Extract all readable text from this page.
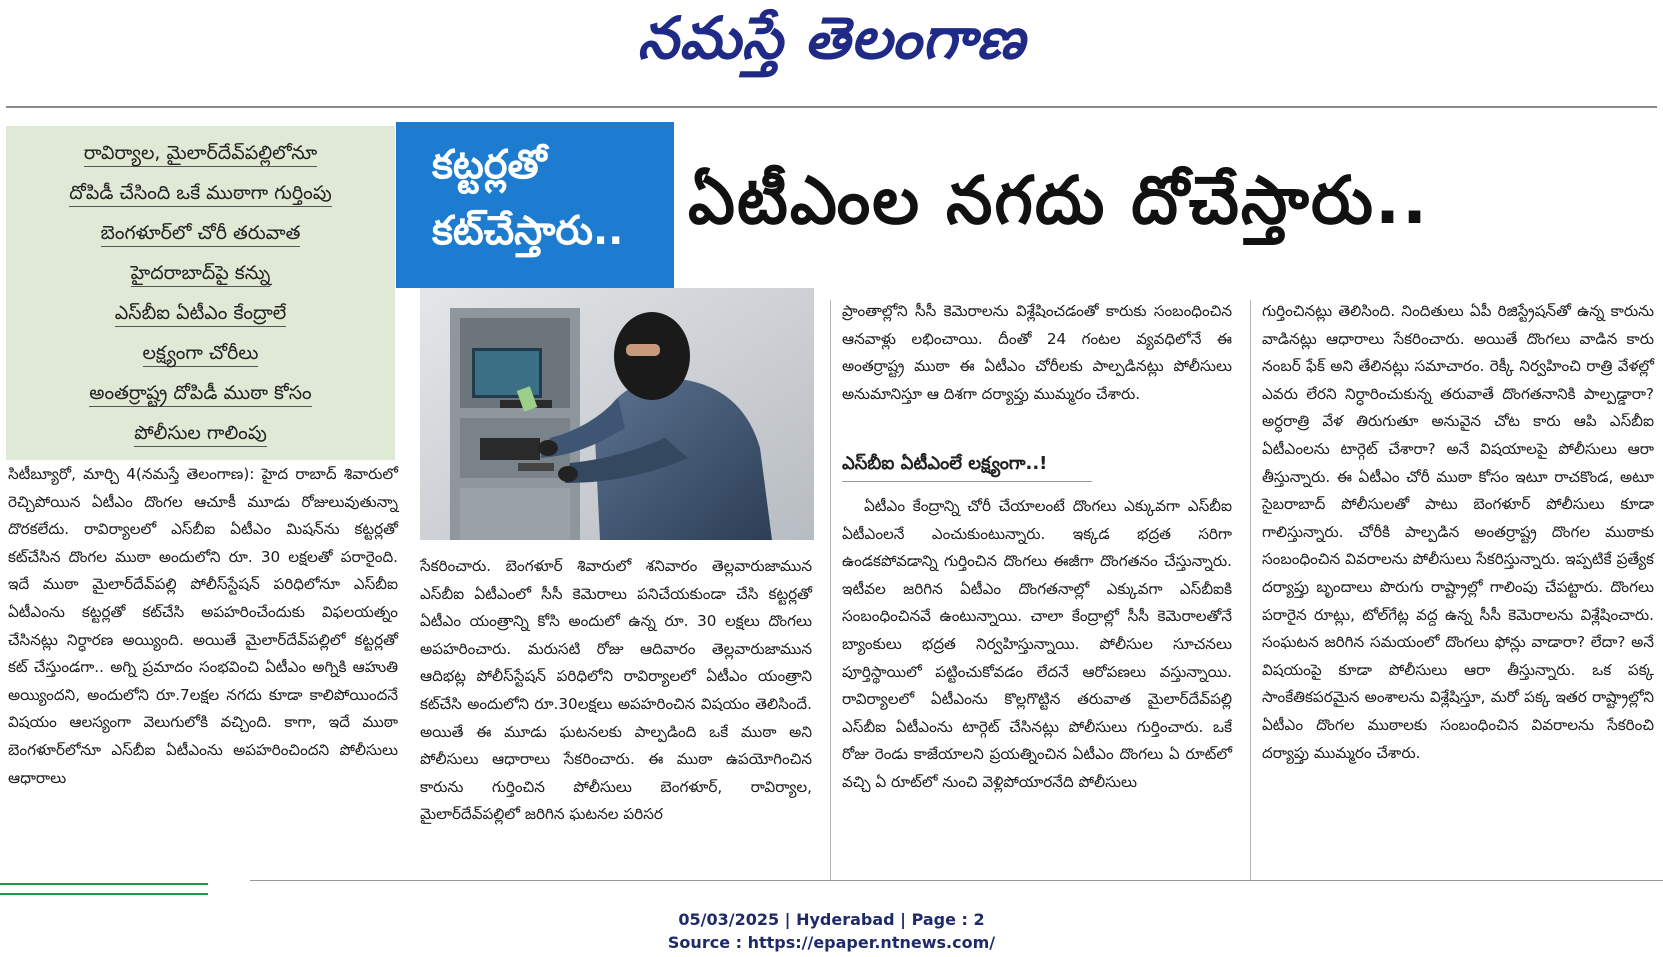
నమస్తే తెలంగాణ
రావిర్యాల, మైలార్‌దేవ్‌పల్లిలోనూ
దోపిడీ చేసింది ఒకే ముఠాగా గుర్తింపు
బెంగళూర్‌లో చోరీ తరువాత
హైదరాబాద్‌పై కన్ను
ఎస్‌బీఐ ఏటీఎం కేంద్రాలే
లక్ష్యంగా చోరీలు
అంతర్రాష్ట్ర దోపిడీ ముఠా కోసం
పోలీసుల గాలింపు
కట్టర్లతో
కట్‌చేస్తారు.. ఏటీఎంల నగదు దోచేస్తారు..

సిటీబ్యూరో, మార్చి 4(నమస్తే తెలంగాణ): హైద రాబాద్ శివారులో రెచ్చిపోయిన ఏటీఎం దొంగల ఆచూకీ మూడు రోజులువుతున్నా దొరకలేదు. రావిర్యాలలో ఎస్‌బీఐ ఏటీఎం మిషన్‌ను కట్టర్లతో కట్‌చేసిన దొంగల ముఠా అందులోని రూ. 30 లక్షలతో పరారైంది. ఇదే ముఠా మైలార్‌దేవ్‌పల్లి పోలీస్‌స్టేషన్ పరిధిలోనూ ఎస్‌బీఐ ఏటీఎంను కట్టర్లతో కట్‌చేసి అపహరించేందుకు విఫలయత్నం చేసినట్లు నిర్ధారణ అయ్యింది. అయితే మైలార్‌దేవ్‌పల్లిలో కట్టర్లతో కట్ చేస్తుండగా.. అగ్ని ప్రమాదం సంభవించి ఏటీఎం అగ్నికి ఆహుతి అయ్యిందని, అందులోని రూ.7లక్షల నగదు కూడా కాలిపోయిందనే విషయం ఆలస్యంగా వెలుగులోకి వచ్చింది. కాగా, ఇదే ముఠా బెంగళూర్‌లోనూ ఎస్‌బీఐ ఏటీఎంను అపహరించిందని పోలీసులు ఆధారాలు

సేకరించారు. బెంగళూర్ శివారులో శనివారం తెల్లవారుజామున ఎస్‌బీఐ ఏటీఎంలో సీసీ కెమెరాలు పనిచేయకుండా చేసి కట్టర్లతో ఏటీఎం యంత్రాన్ని కోసి అందులో ఉన్న రూ. 30 లక్షలు దొంగలు అపహరించారు. మరుసటి రోజు ఆదివారం తెల్లవారుజామున ఆదిభట్ల పోలీస్‌స్టేషన్ పరిధిలోని రావిర్యాలలో ఏటీఎం యంత్రాని కట్‌చేసి అందులోని రూ.30లక్షలు అపహరించిన విషయం తెలిసిందే. అయితే ఈ మూడు ఘటనలకు పాల్పడింది ఒకే ముఠా అని పోలీసులు ఆధారాలు సేకరించారు. ఈ ముఠా ఉపయోగించిన కారును గుర్తించిన పోలీసులు బెంగళూర్, రావిర్యాల, మైలార్‌దేవ్‌పల్లిలో జరిగిన ఘటనల పరిసర

ప్రాంతాల్లోని సీసీ కెమెరాలను విశ్లేషించడంతో కారుకు సంబంధించిన ఆనవాళ్లు లభించాయి. దీంతో 24 గంటల వ్యవధిలోనే ఈ అంతర్రాష్ట్ర ముఠా ఈ ఏటీఎం చోరీలకు పాల్పడినట్లు పోలీసులు అనుమానిస్తూ ఆ దిశగా దర్యాప్తు ముమ్మరం చేశారు.

ఎస్‌బీఐ ఏటీఎంలే లక్ష్యంగా..!

ఏటీఎం కేంద్రాన్ని చోరీ చేయాలంటే దొంగలు ఎక్కువగా ఎస్‌బీఐ ఏటీఎంలనే ఎంచుకుంటున్నారు. ఇక్కడ భద్రత సరిగా ఉండకపోవడాన్ని గుర్తించిన దొంగలు ఈజీగా దొంగతనం చేస్తున్నారు. ఇటీవల జరిగిన ఏటీఎం దొంగతనాల్లో ఎక్కువగా ఎస్‌బీఐకి సంబంధించినవే ఉంటున్నాయి. చాలా కేంద్రాల్లో సీసీ కెమెరాలతోనే బ్యాంకులు భద్రత నిర్వహిస్తున్నాయి. పోలీసుల సూచనలు పూర్తిస్థాయిలో పట్టించుకోవడం లేదనే ఆరోపణలు వస్తున్నాయి. రావిర్యాలలో ఏటీఎంను కొల్లగొట్టిన తరువాత మైలార్‌దేవ్‌పల్లి ఎస్‌బీఐ ఏటీఎంను టార్గెట్ చేసినట్లు పోలీసులు గుర్తించారు. ఒకే రోజు రెండు కాజేయాలని ప్రయత్నించిన ఏటీఎం దొంగలు ఏ రూట్‌లో వచ్చి ఏ రూట్‌లో నుంచి వెళ్లిపోయారనేది పోలీసులు

గుర్తించినట్లు తెలిసింది. నిందితులు ఏపీ రిజిస్ట్రేషన్‌తో ఉన్న కారును వాడినట్లు ఆధారాలు సేకరించారు. అయితే దొంగలు వాడిన కారు నంబర్ ఫేక్ అని తేలినట్లు సమాచారం. రెక్కీ నిర్వహించి రాత్రి వేళల్లో ఎవరు లేరని నిర్ధారించుకున్న తరువాతే దొంగతనానికి పాల్పడ్డారా? అర్ధరాత్రి వేళ తిరుగుతూ అనువైన చోట కారు ఆపి ఎస్‌బీఐ ఏటీఎంలను టార్గెట్ చేశారా? అనే విషయాలపై పోలీసులు ఆరా తీస్తున్నారు. ఈ ఏటీఎం చోరీ ముఠా కోసం ఇటూ రాచకొండ, అటూ సైబరాబాద్ పోలీసులతో పాటు బెంగళూర్ పోలీసులు కూడా గాలిస్తున్నారు. చోరీకి పాల్పడిన అంతర్రాష్ట్ర దొంగల ముఠాకు సంబంధించిన వివరాలను పోలీసులు సేకరిస్తున్నారు. ఇప్పటికే ప్రత్యేక దర్యాప్తు బృందాలు పొరుగు రాష్ట్రాల్లో గాలింపు చేపట్టారు. దొంగలు పరారైన రూట్లు, టోల్‌గేట్ల వద్ద ఉన్న సీసీ కెమెరాలను విశ్లేషించారు. సంఘటన జరిగిన సమయంలో దొంగలు ఫోన్లు వాడారా? లేదా? అనే విషయంపై కూడా పోలీసులు ఆరా తీస్తున్నారు. ఒక పక్క సాంకేతికపరమైన అంశాలను విశ్లేషిస్తూ, మరో పక్క ఇతర రాష్ట్రాల్లోని ఏటీఎం దొంగల ముఠాలకు సంబంధించిన వివరాలను సేకరించి దర్యాప్తు ముమ్మరం చేశారు.

05/03/2025 | Hyderabad | Page : 2
Source : https://epaper.ntnews.com/
